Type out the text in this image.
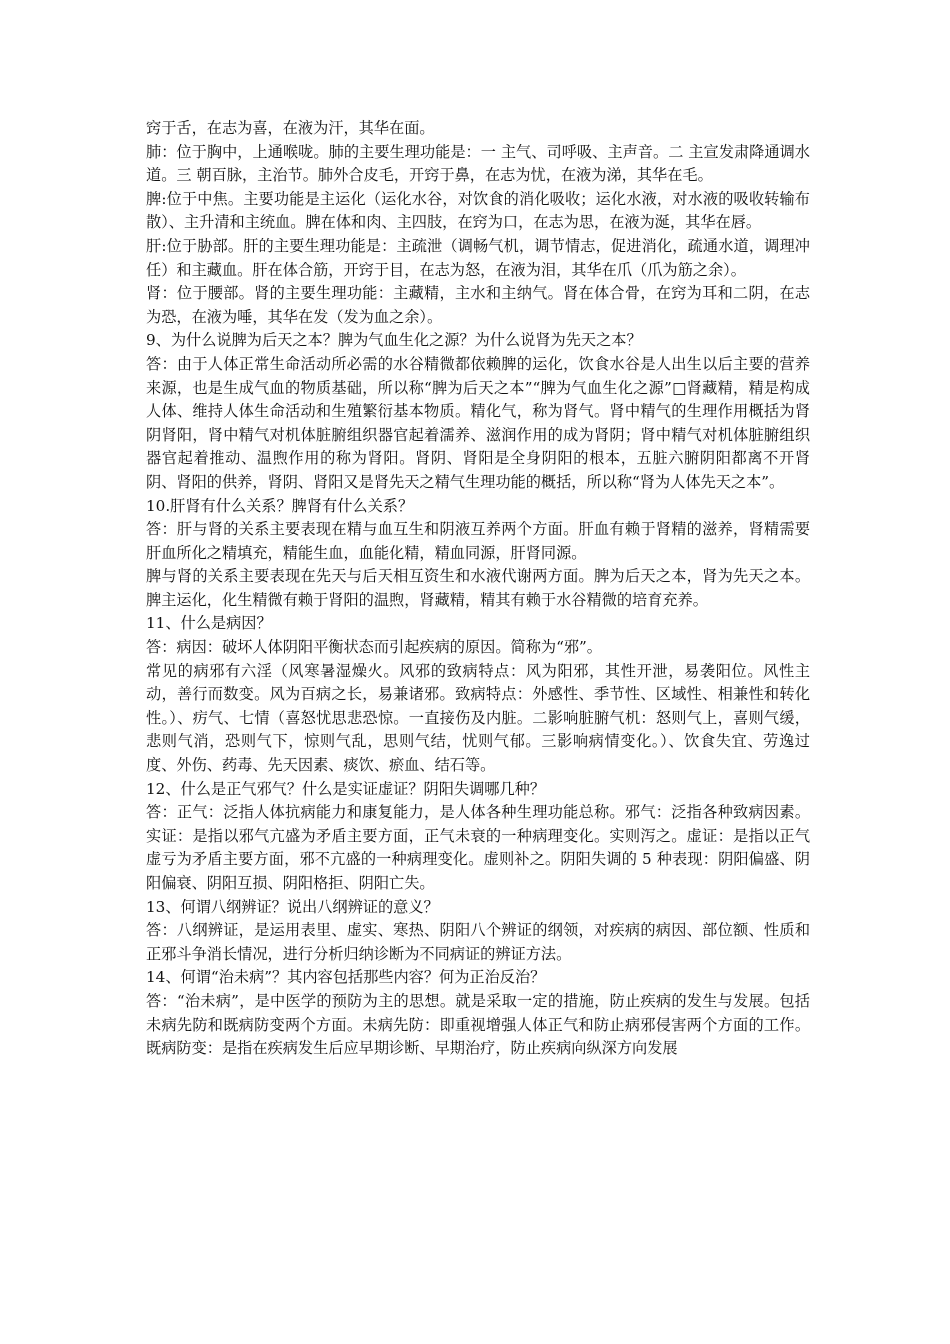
窍于舌，在志为喜，在液为汗，其华在面。

肺：位于胸中，上通喉咙。肺的主要生理功能是：一 主气、司呼吸、主声音。二 主宣发肃降通调水道。三 朝百脉，主治节。肺外合皮毛，开窍于鼻，在志为忧，在液为涕，其华在毛。

脾:位于中焦。主要功能是主运化（运化水谷，对饮食的消化吸收；运化水液，对水液的吸收转输布散）、主升清和主统血。脾在体和肉、主四肢，在窍为口，在志为思，在液为涎，其华在唇。

肝:位于胁部。肝的主要生理功能是：主疏泄（调畅气机，调节情志，促进消化，疏通水道，调理冲任）和主藏血。肝在体合筋，开窍于目，在志为怒，在液为泪，其华在爪（爪为筋之余）。

肾：位于腰部。肾的主要生理功能：主藏精，主水和主纳气。肾在体合骨，在窍为耳和二阴，在志为恐，在液为唾，其华在发（发为血之余）。

9、为什么说脾为后天之本？脾为气血生化之源？为什么说肾为先天之本？

答：由于人体正常生命活动所必需的水谷精微都依赖脾的运化，饮食水谷是人出生以后主要的营养来源，也是生成气血的物质基础，所以称“脾为后天之本”“脾为气血生化之源”□肾藏精，精是构成人体、维持人体生命活动和生殖繁衍基本物质。精化气，称为肾气。肾中精气的生理作用概括为肾阴肾阳，肾中精气对机体脏腑组织器官起着濡养、滋润作用的成为肾阴；肾中精气对机体脏腑组织器官起着推动、温煦作用的称为肾阳。肾阴、肾阳是全身阴阳的根本，五脏六腑阴阳都离不开肾阴、肾阳的供养，肾阴、肾阳又是肾先天之精气生理功能的概括，所以称“肾为人体先天之本”。

10.肝肾有什么关系？脾肾有什么关系？

答：肝与肾的关系主要表现在精与血互生和阴液互养两个方面。肝血有赖于肾精的滋养，肾精需要肝血所化之精填充，精能生血，血能化精，精血同源，肝肾同源。

脾与肾的关系主要表现在先天与后天相互资生和水液代谢两方面。脾为后天之本，肾为先天之本。脾主运化，化生精微有赖于肾阳的温煦，肾藏精，精其有赖于水谷精微的培育充养。

11、什么是病因？

答：病因：破坏人体阴阳平衡状态而引起疾病的原因。简称为“邪”。

常见的病邪有六淫（风寒暑湿燥火。风邪的致病特点：风为阳邪，其性开泄，易袭阳位。风性主动，善行而数变。风为百病之长，易兼诸邪。致病特点：外感性、季节性、区域性、相兼性和转化性。）、疠气、七情（喜怒忧思悲恐惊。一直接伤及内脏。二影响脏腑气机：怒则气上，喜则气缓，悲则气消，恐则气下，惊则气乱，思则气结，忧则气郁。三影响病情变化。）、饮食失宜、劳逸过度、外伤、药毒、先天因素、痰饮、瘀血、结石等。

12、什么是正气邪气？什么是实证虚证？阴阳失调哪几种？

答：正气：泛指人体抗病能力和康复能力，是人体各种生理功能总称。邪气：泛指各种致病因素。实证：是指以邪气亢盛为矛盾主要方面，正气未衰的一种病理变化。实则泻之。虚证：是指以正气虚亏为矛盾主要方面，邪不亢盛的一种病理变化。虚则补之。阴阳失调的 5 种表现：阴阳偏盛、阴阳偏衰、阴阳互损、阴阳格拒、阴阳亡失。

13、何谓八纲辨证？说出八纲辨证的意义？

答：八纲辨证，是运用表里、虚实、寒热、阴阳八个辨证的纲领，对疾病的病因、部位额、性质和正邪斗争消长情况，进行分析归纳诊断为不同病证的辨证方法。

14、何谓“治未病”？其内容包括那些内容？何为正治反治？

答：“治未病”，是中医学的预防为主的思想。就是采取一定的措施，防止疾病的发生与发展。包括未病先防和既病防变两个方面。未病先防：即重视增强人体正气和防止病邪侵害两个方面的工作。既病防变：是指在疾病发生后应早期诊断、早期治疗，防止疾病向纵深方向发展
